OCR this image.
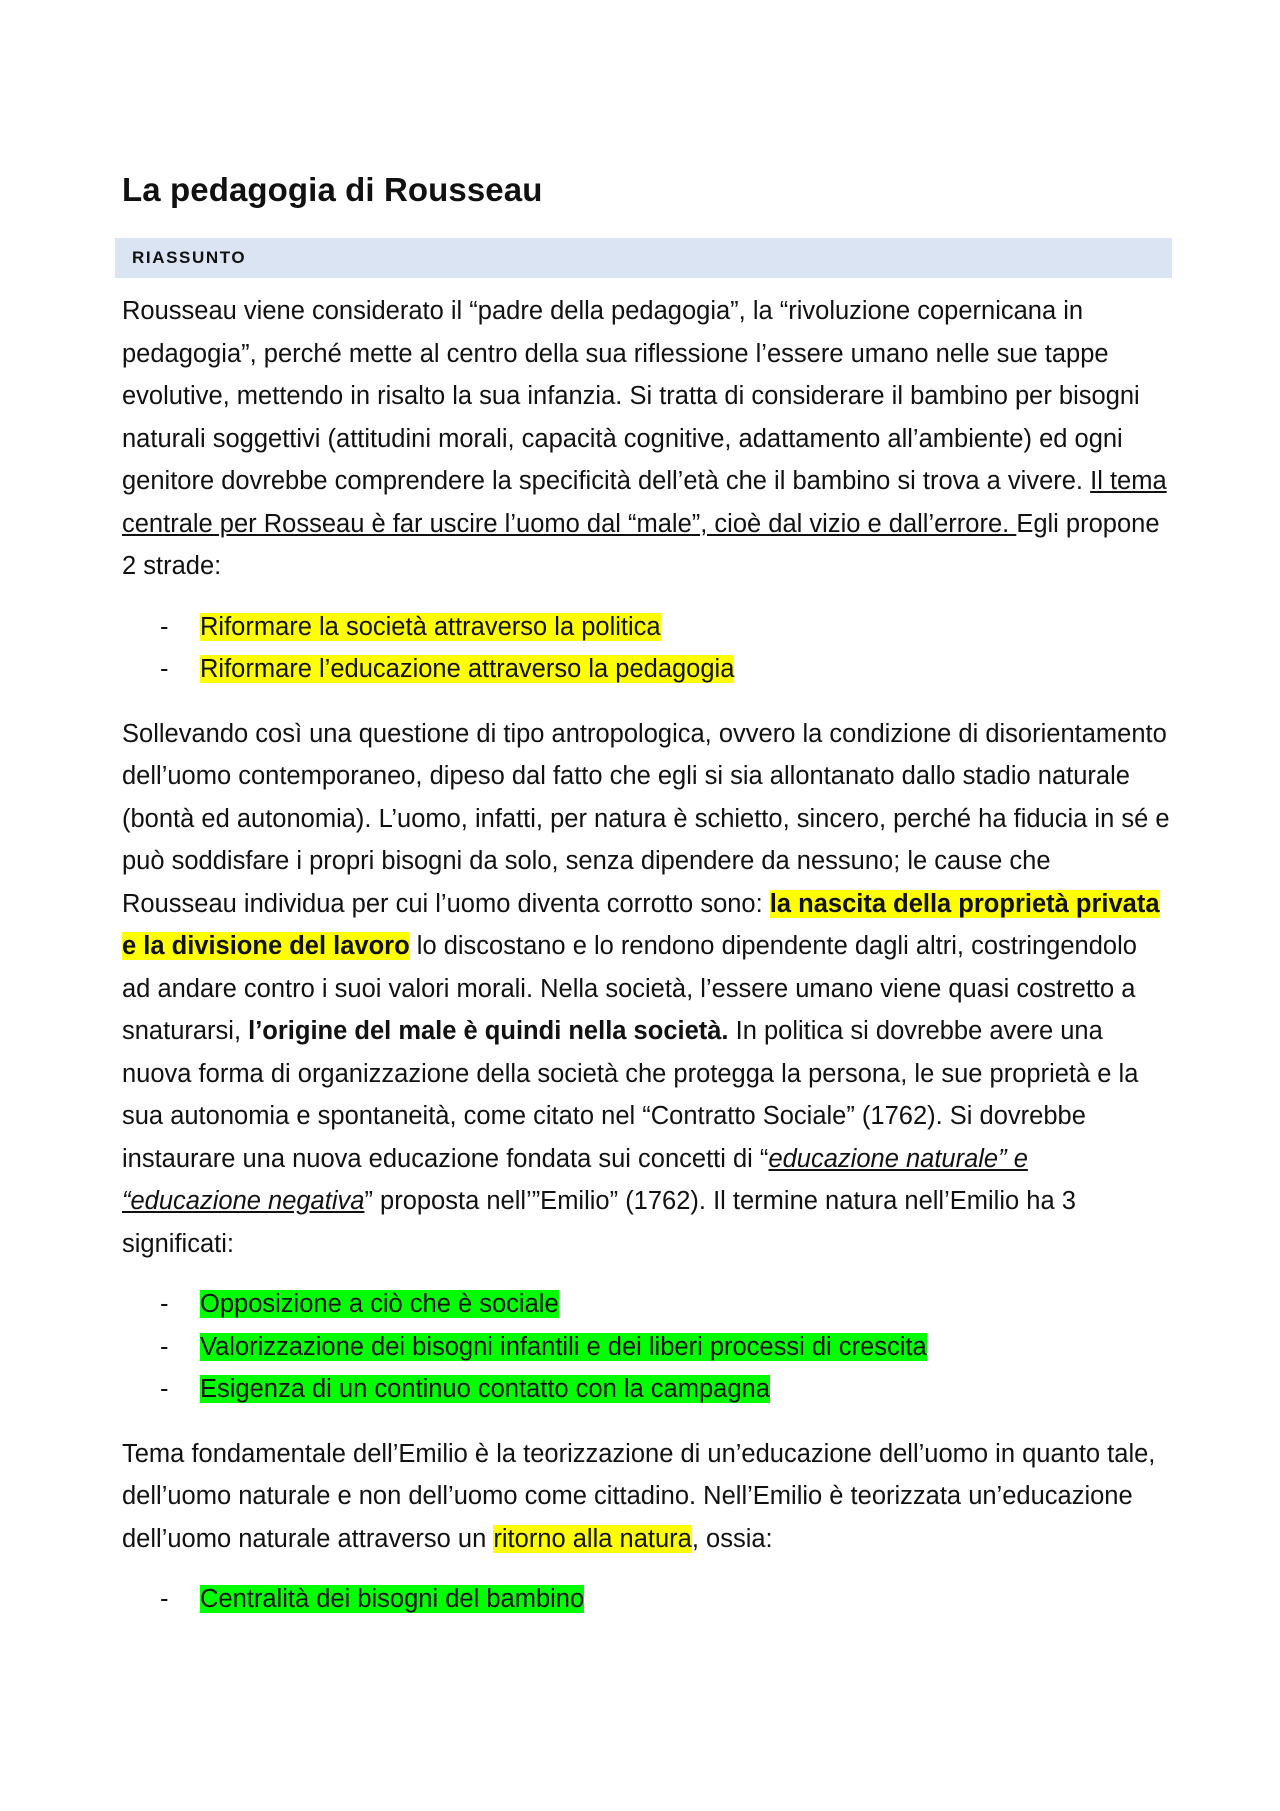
La pedagogia di Rousseau
RIASSUNTO

Rousseau viene considerato il “padre della pedagogia”, la “rivoluzione copernicana in pedagogia”, perché mette al centro della sua riflessione l’essere umano nelle sue tappe evolutive, mettendo in risalto la sua infanzia. Si tratta di considerare il bambino per bisogni naturali soggettivi (attitudini morali, capacità cognitive, adattamento all’ambiente) ed ogni genitore dovrebbe comprendere la specificità dell’età che il bambino si trova a vivere. Il tema centrale per Rosseau è far uscire l’uomo dal “male”, cioè dal vizio e dall’errore. Egli propone 2 strade:

- Riformare la società attraverso la politica
- Riformare l’educazione attraverso la pedagogia

Sollevando così una questione di tipo antropologica, ovvero la condizione di disorientamento dell’uomo contemporaneo, dipeso dal fatto che egli si sia allontanato dallo stadio naturale (bontà ed autonomia). L’uomo, infatti, per natura è schietto, sincero, perché ha fiducia in sé e può soddisfare i propri bisogni da solo, senza dipendere da nessuno; le cause che Rousseau individua per cui l’uomo diventa corrotto sono: la nascita della proprietà privata e la divisione del lavoro lo discostano e lo rendono dipendente dagli altri, costringendolo ad andare contro i suoi valori morali. Nella società, l’essere umano viene quasi costretto a snaturarsi, l’origine del male è quindi nella società. In politica si dovrebbe avere una nuova forma di organizzazione della società che protegga la persona, le sue proprietà e la sua autonomia e spontaneità, come citato nel “Contratto Sociale” (1762). Si dovrebbe instaurare una nuova educazione fondata sui concetti di “educazione naturale” e “educazione negativa” proposta nell’”Emilio” (1762). Il termine natura nell’Emilio ha 3 significati:

- Opposizione a ciò che è sociale
- Valorizzazione dei bisogni infantili e dei liberi processi di crescita
- Esigenza di un continuo contatto con la campagna

Tema fondamentale dell’Emilio è la teorizzazione di un’educazione dell’uomo in quanto tale, dell’uomo naturale e non dell’uomo come cittadino. Nell’Emilio è teorizzata un’educazione dell’uomo naturale attraverso un ritorno alla natura, ossia:

- Centralità dei bisogni del bambino
